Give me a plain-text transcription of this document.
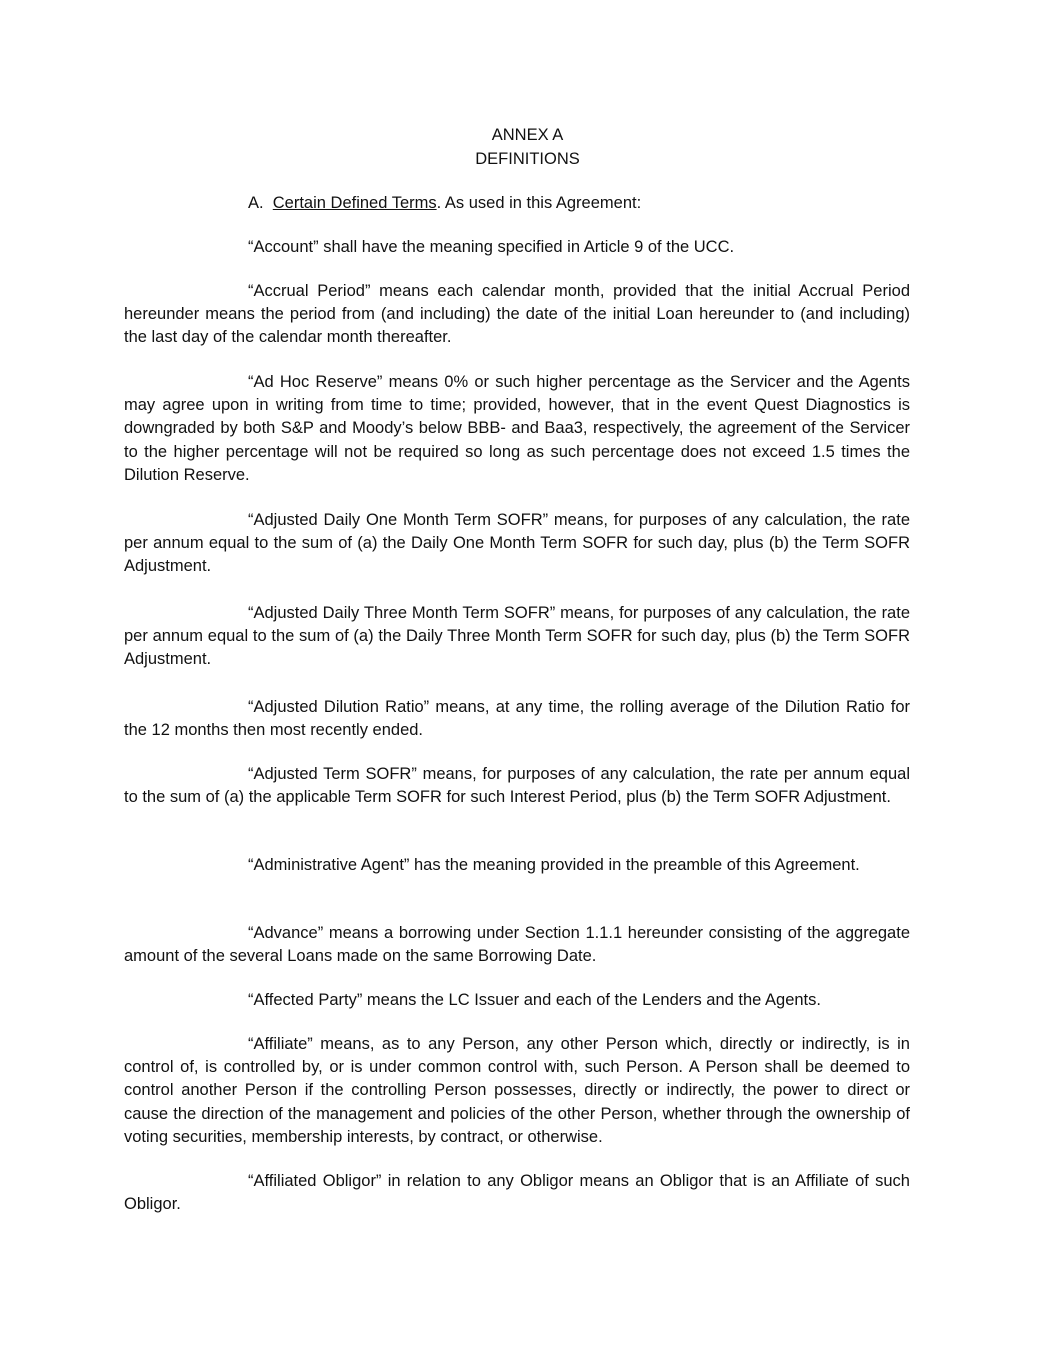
ANNEX A
DEFINITIONS

A. Certain Defined Terms. As used in this Agreement:

“Account” shall have the meaning specified in Article 9 of the UCC.

“Accrual Period” means each calendar month, provided that the initial Accrual Period hereunder means the period from (and including) the date of the initial Loan hereunder to (and including) the last day of the calendar month thereafter.

“Ad Hoc Reserve” means 0% or such higher percentage as the Servicer and the Agents may agree upon in writing from time to time; provided, however, that in the event Quest Diagnostics is downgraded by both S&P and Moody’s below BBB- and Baa3, respectively, the agreement of the Servicer to the higher percentage will not be required so long as such percentage does not exceed 1.5 times the Dilution Reserve.

“Adjusted Daily One Month Term SOFR” means, for purposes of any calculation, the rate per annum equal to the sum of (a) the Daily One Month Term SOFR for such day, plus (b) the Term SOFR Adjustment.

“Adjusted Daily Three Month Term SOFR” means, for purposes of any calculation, the rate per annum equal to the sum of (a) the Daily Three Month Term SOFR for such day, plus (b) the Term SOFR Adjustment.

“Adjusted Dilution Ratio” means, at any time, the rolling average of the Dilution Ratio for the 12 months then most recently ended.

“Adjusted Term SOFR” means, for purposes of any calculation, the rate per annum equal to the sum of (a) the applicable Term SOFR for such Interest Period, plus (b) the Term SOFR Adjustment.

“Administrative Agent” has the meaning provided in the preamble of this Agreement.

“Advance” means a borrowing under Section 1.1.1 hereunder consisting of the aggregate amount of the several Loans made on the same Borrowing Date.

“Affected Party” means the LC Issuer and each of the Lenders and the Agents.

“Affiliate” means, as to any Person, any other Person which, directly or indirectly, is in control of, is controlled by, or is under common control with, such Person. A Person shall be deemed to control another Person if the controlling Person possesses, directly or indirectly, the power to direct or cause the direction of the management and policies of the other Person, whether through the ownership of voting securities, membership interests, by contract, or otherwise.

“Affiliated Obligor” in relation to any Obligor means an Obligor that is an Affiliate of such Obligor.
